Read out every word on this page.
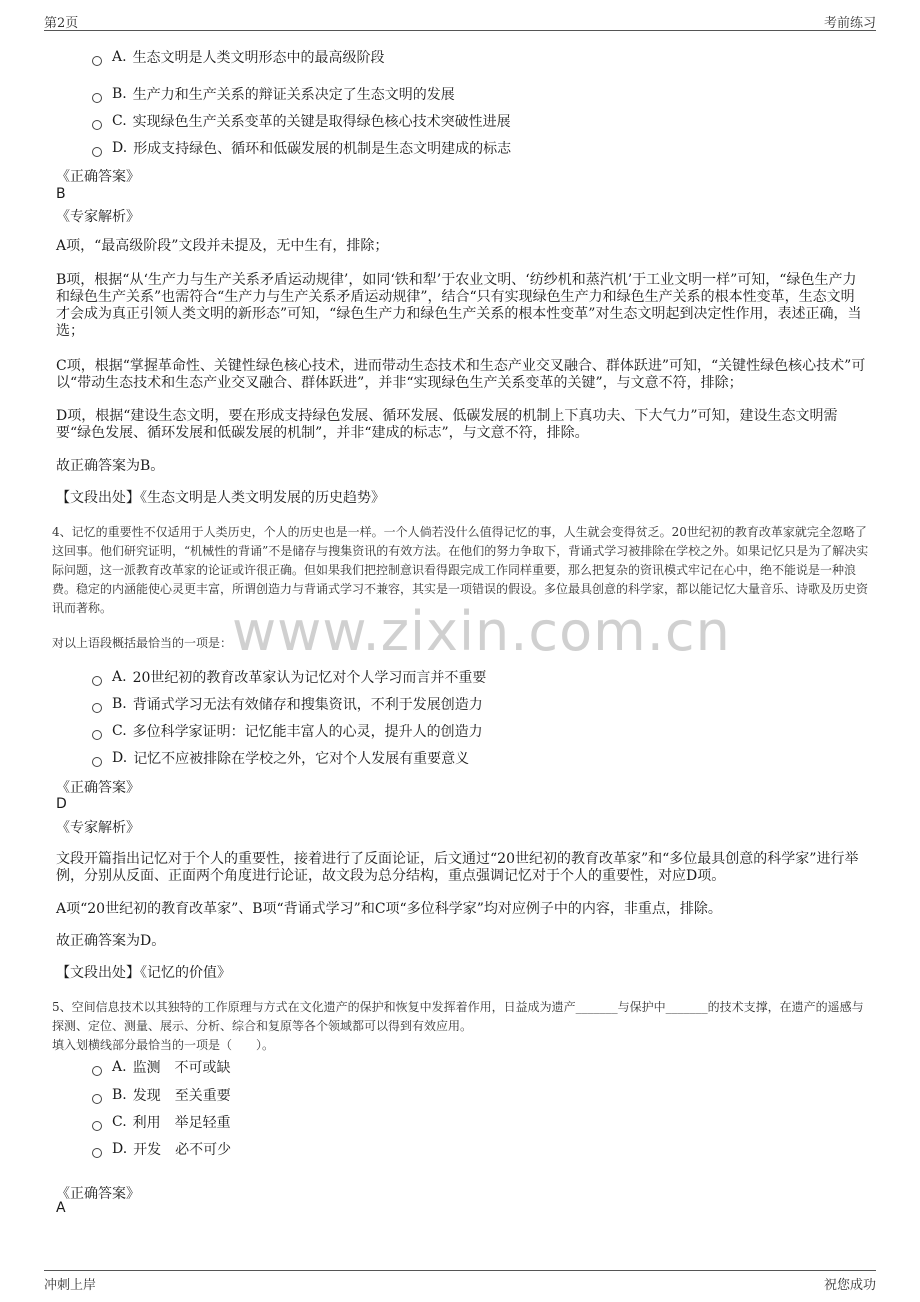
第2页	考前练习
www.zixin.com.cn
A. 生态文明是人类文明形态中的最高级阶段
B. 生产力和生产关系的辩证关系决定了生态文明的发展
C. 实现绿色生产关系变革的关键是取得绿色核心技术突破性进展
D. 形成支持绿色、循环和低碳发展的机制是生态文明建成的标志
《正确答案》
B
《专家解析》
A项，“最高级阶段”文段并未提及，无中生有，排除；
B项，根据“从‘生产力与生产关系矛盾运动规律’，如同‘铁和犁’于农业文明、‘纺纱机和蒸汽机’于工业文明一样”可知，“绿色生产力和绿色生产关系”也需符合“生产力与生产关系矛盾运动规律”，结合“只有实现绿色生产力和绿色生产关系的根本性变革，生态文明才会成为真正引领人类文明的新形态”可知，“绿色生产力和绿色生产关系的根本性变革”对生态文明起到决定性作用，表述正确，当选；
C项，根据“掌握革命性、关键性绿色核心技术，进而带动生态技术和生态产业交叉融合、群体跃进”可知，“关键性绿色核心技术”可以“带动生态技术和生态产业交叉融合、群体跃进”，并非“实现绿色生产关系变革的关键”，与文意不符，排除；
D项，根据“建设生态文明，要在形成支持绿色发展、循环发展、低碳发展的机制上下真功夫、下大气力”可知，建设生态文明需要“绿色发展、循环发展和低碳发展的机制”，并非“建成的标志”，与文意不符，排除。
故正确答案为B。
【文段出处】《生态文明是人类文明发展的历史趋势》
4、记忆的重要性不仅适用于人类历史，个人的历史也是一样。一个人倘若没什么值得记忆的事，人生就会变得贫乏。20世纪初的教育改革家就完全忽略了这回事。他们研究证明，“机械性的背诵”不是储存与搜集资讯的有效方法。在他们的努力争取下，背诵式学习被排除在学校之外。如果记忆只是为了解决实际问题，这一派教育改革家的论证或许很正确。但如果我们把控制意识看得跟完成工作同样重要，那么把复杂的资讯模式牢记在心中，绝不能说是一种浪费。稳定的内涵能使心灵更丰富，所谓创造力与背诵式学习不兼容，其实是一项错误的假设。多位最具创意的科学家，都以能记忆大量音乐、诗歌及历史资讯而著称。
对以上语段概括最恰当的一项是：
A. 20世纪初的教育改革家认为记忆对个人学习而言并不重要
B. 背诵式学习无法有效储存和搜集资讯，不利于发展创造力
C. 多位科学家证明：记忆能丰富人的心灵，提升人的创造力
D. 记忆不应被排除在学校之外，它对个人发展有重要意义
《正确答案》
D
《专家解析》
文段开篇指出记忆对于个人的重要性，接着进行了反面论证，后文通过“20世纪初的教育改革家”和“多位最具创意的科学家”进行举例，分别从反面、正面两个角度进行论证，故文段为总分结构，重点强调记忆对于个人的重要性，对应D项。
A项“20世纪初的教育改革家”、B项“背诵式学习”和C项“多位科学家”均对应例子中的内容，非重点，排除。
故正确答案为D。
【文段出处】《记忆的价值》
5、空间信息技术以其独特的工作原理与方式在文化遗产的保护和恢复中发挥着作用，日益成为遗产_______与保护中_______的技术支撑，在遗产的遥感与探测、定位、测量、展示、分析、综合和复原等各个领域都可以得到有效应用。
填入划横线部分最恰当的一项是（　　）。
A. 监测　不可或缺
B. 发现　至关重要
C. 利用　举足轻重
D. 开发　必不可少
《正确答案》
A
冲刺上岸	祝您成功
